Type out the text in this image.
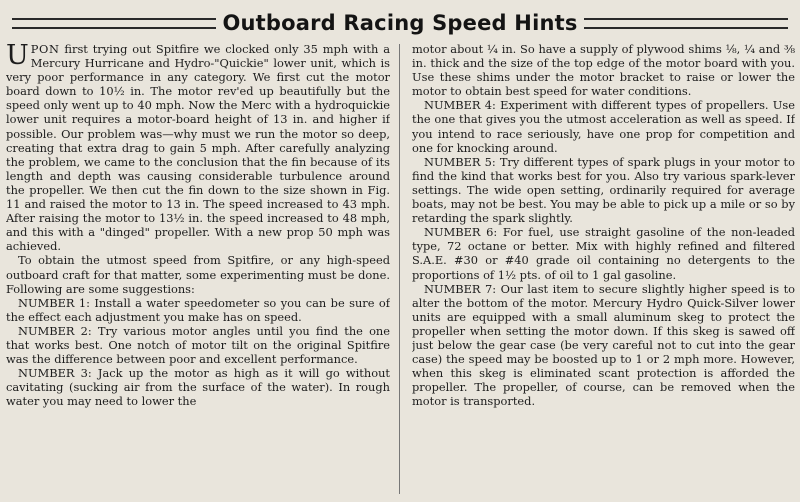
Outboard Racing Speed Hints

UPON first trying out Spitfire we clocked only 35 mph with a Mercury Hurricane and Hydro-"Quickie" lower unit, which is very poor performance in any category. We first cut the motor board down to 10½ in. The motor rev'ed up beautifully but the speed only went up to 40 mph. Now the Merc with a hydroquickie lower unit requires a motor-board height of 13 in. and higher if possible. Our problem was—why must we run the motor so deep, creating that extra drag to gain 5 mph. After carefully analyzing the problem, we came to the conclusion that the fin because of its length and depth was causing considerable turbulence around the propeller. We then cut the fin down to the size shown in Fig. 11 and raised the motor to 13 in. The speed increased to 43 mph. After raising the motor to 13½ in. the speed increased to 48 mph, and this with a "dinged" propeller. With a new prop 50 mph was achieved.

To obtain the utmost speed from Spitfire, or any high-speed outboard craft for that matter, some experimenting must be done. Following are some suggestions:

NUMBER 1: Install a water speedometer so you can be sure of the effect each adjustment you make has on speed.

NUMBER 2: Try various motor angles until you find the one that works best. One notch of motor tilt on the original Spitfire was the difference between poor and excellent performance.

NUMBER 3: Jack up the motor as high as it will go without cavitating (sucking air from the surface of the water). In rough water you may need to lower the

motor about ¼ in. So have a supply of plywood shims ⅛, ¼ and ⅜ in. thick and the size of the top edge of the motor board with you. Use these shims under the motor bracket to raise or lower the motor to obtain best speed for water conditions.

NUMBER 4: Experiment with different types of propellers. Use the one that gives you the utmost acceleration as well as speed. If you intend to race seriously, have one prop for competition and one for knocking around.

NUMBER 5: Try different types of spark plugs in your motor to find the kind that works best for you. Also try various spark-lever settings. The wide open setting, ordinarily required for average boats, may not be best. You may be able to pick up a mile or so by retarding the spark slightly.

NUMBER 6: For fuel, use straight gasoline of the non-leaded type, 72 octane or better. Mix with highly refined and filtered S.A.E. #30 or #40 grade oil containing no detergents to the proportions of 1½ pts. of oil to 1 gal gasoline.

NUMBER 7: Our last item to secure slightly higher speed is to alter the bottom of the motor. Mercury Hydro Quick-Silver lower units are equipped with a small aluminum skeg to protect the propeller when setting the motor down. If this skeg is sawed off just below the gear case (be very careful not to cut into the gear case) the speed may be boosted up to 1 or 2 mph more. However, when this skeg is eliminated scant protection is afforded the propeller. The propeller, of course, can be removed when the motor is transported.
